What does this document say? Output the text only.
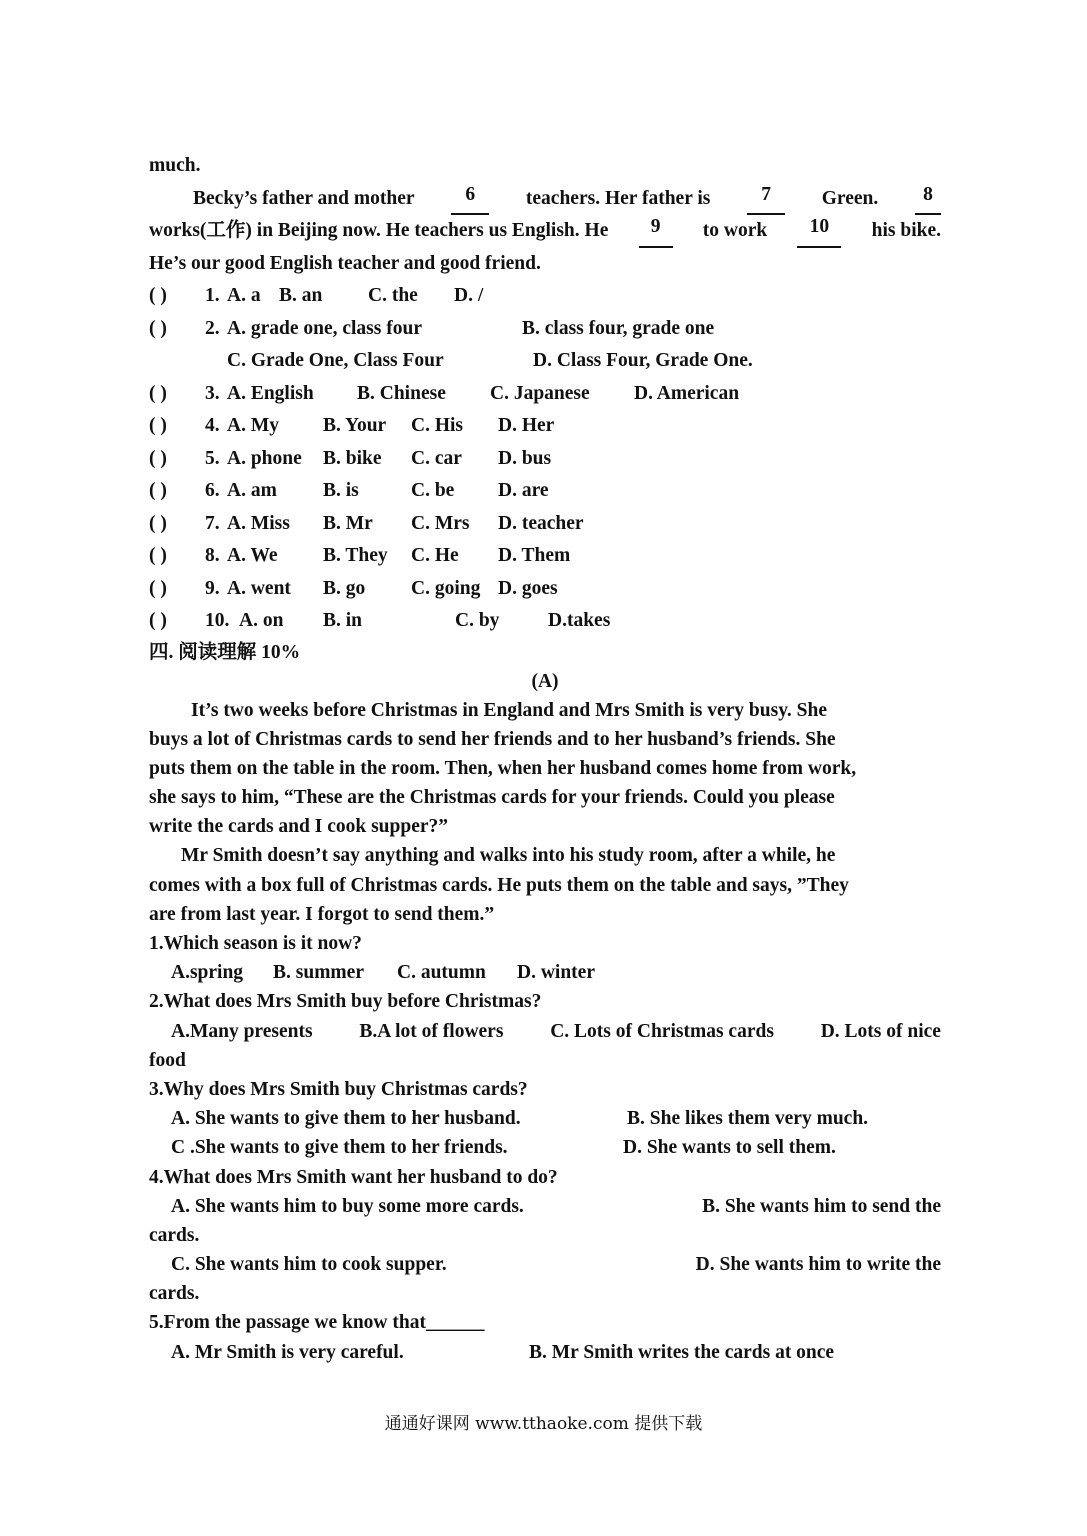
much.
Becky’s father and mother	6	teachers. Her father is	7	Green.	8
works(工作) in Beijing now. He teachers us English. He	9	to work	10	his bike.
He’s our good English teacher and good friend.
( )	1. A. a B. an	C. the	D. /
( )	2. A. grade one, class four	B. class four, grade one
C. Grade One, Class Four	D. Class Four, Grade One.
( )	3. A. English	B. Chinese	C. Japanese	D. American
( )	4. A. My	B. Your	C. His	D. Her
( )	5. A. phone	B. bike	C. car	D. bus
( )	6. A. am	B. is	C. be	D. are
( )	7. A. Miss	B. Mr	C. Mrs	D. teacher
( )	8. A. We	B. They	C. He	D. Them
( )	9. A. went	B. go	C. going D. goes
( )	10. A. on	B. in	C. by	D.takes
四. 阅读理解 10%
(A)
It’s two weeks before Christmas in England and Mrs Smith is very busy. She
buys a lot of Christmas cards to send her friends and to her husband’s friends. She
puts them on the table in the room. Then, when her husband comes home from work,
she says to him, “These are the Christmas cards for your friends. Could you please
write the cards and I cook supper?”
Mr Smith doesn’t say anything and walks into his study room, after a while, he
comes with a box full of Christmas cards. He puts them on the table and says, ”They
are from last year. I forgot to send them.”
1.Which season is it now?
A.spring	B. summer	C. autumn	D. winter
2.What does Mrs Smith buy before Christmas?
A.Many presents B.A lot of flowers C. Lots of Christmas cards D. Lots of nice
food
3.Why does Mrs Smith buy Christmas cards?
A. She wants to give them to her husband.	B. She likes them very much.
C .She wants to give them to her friends.	D. She wants to sell them.
4.What does Mrs Smith want her husband to do?
A. She wants him to buy some more cards.	B. She wants him to send the
cards.
C. She wants him to cook supper.	D. She wants him to write the
cards.
5.From the passage we know that______
A. Mr Smith is very careful.	B. Mr Smith writes the cards at once
通通好课网 www.tthaoke.com 提供下载
